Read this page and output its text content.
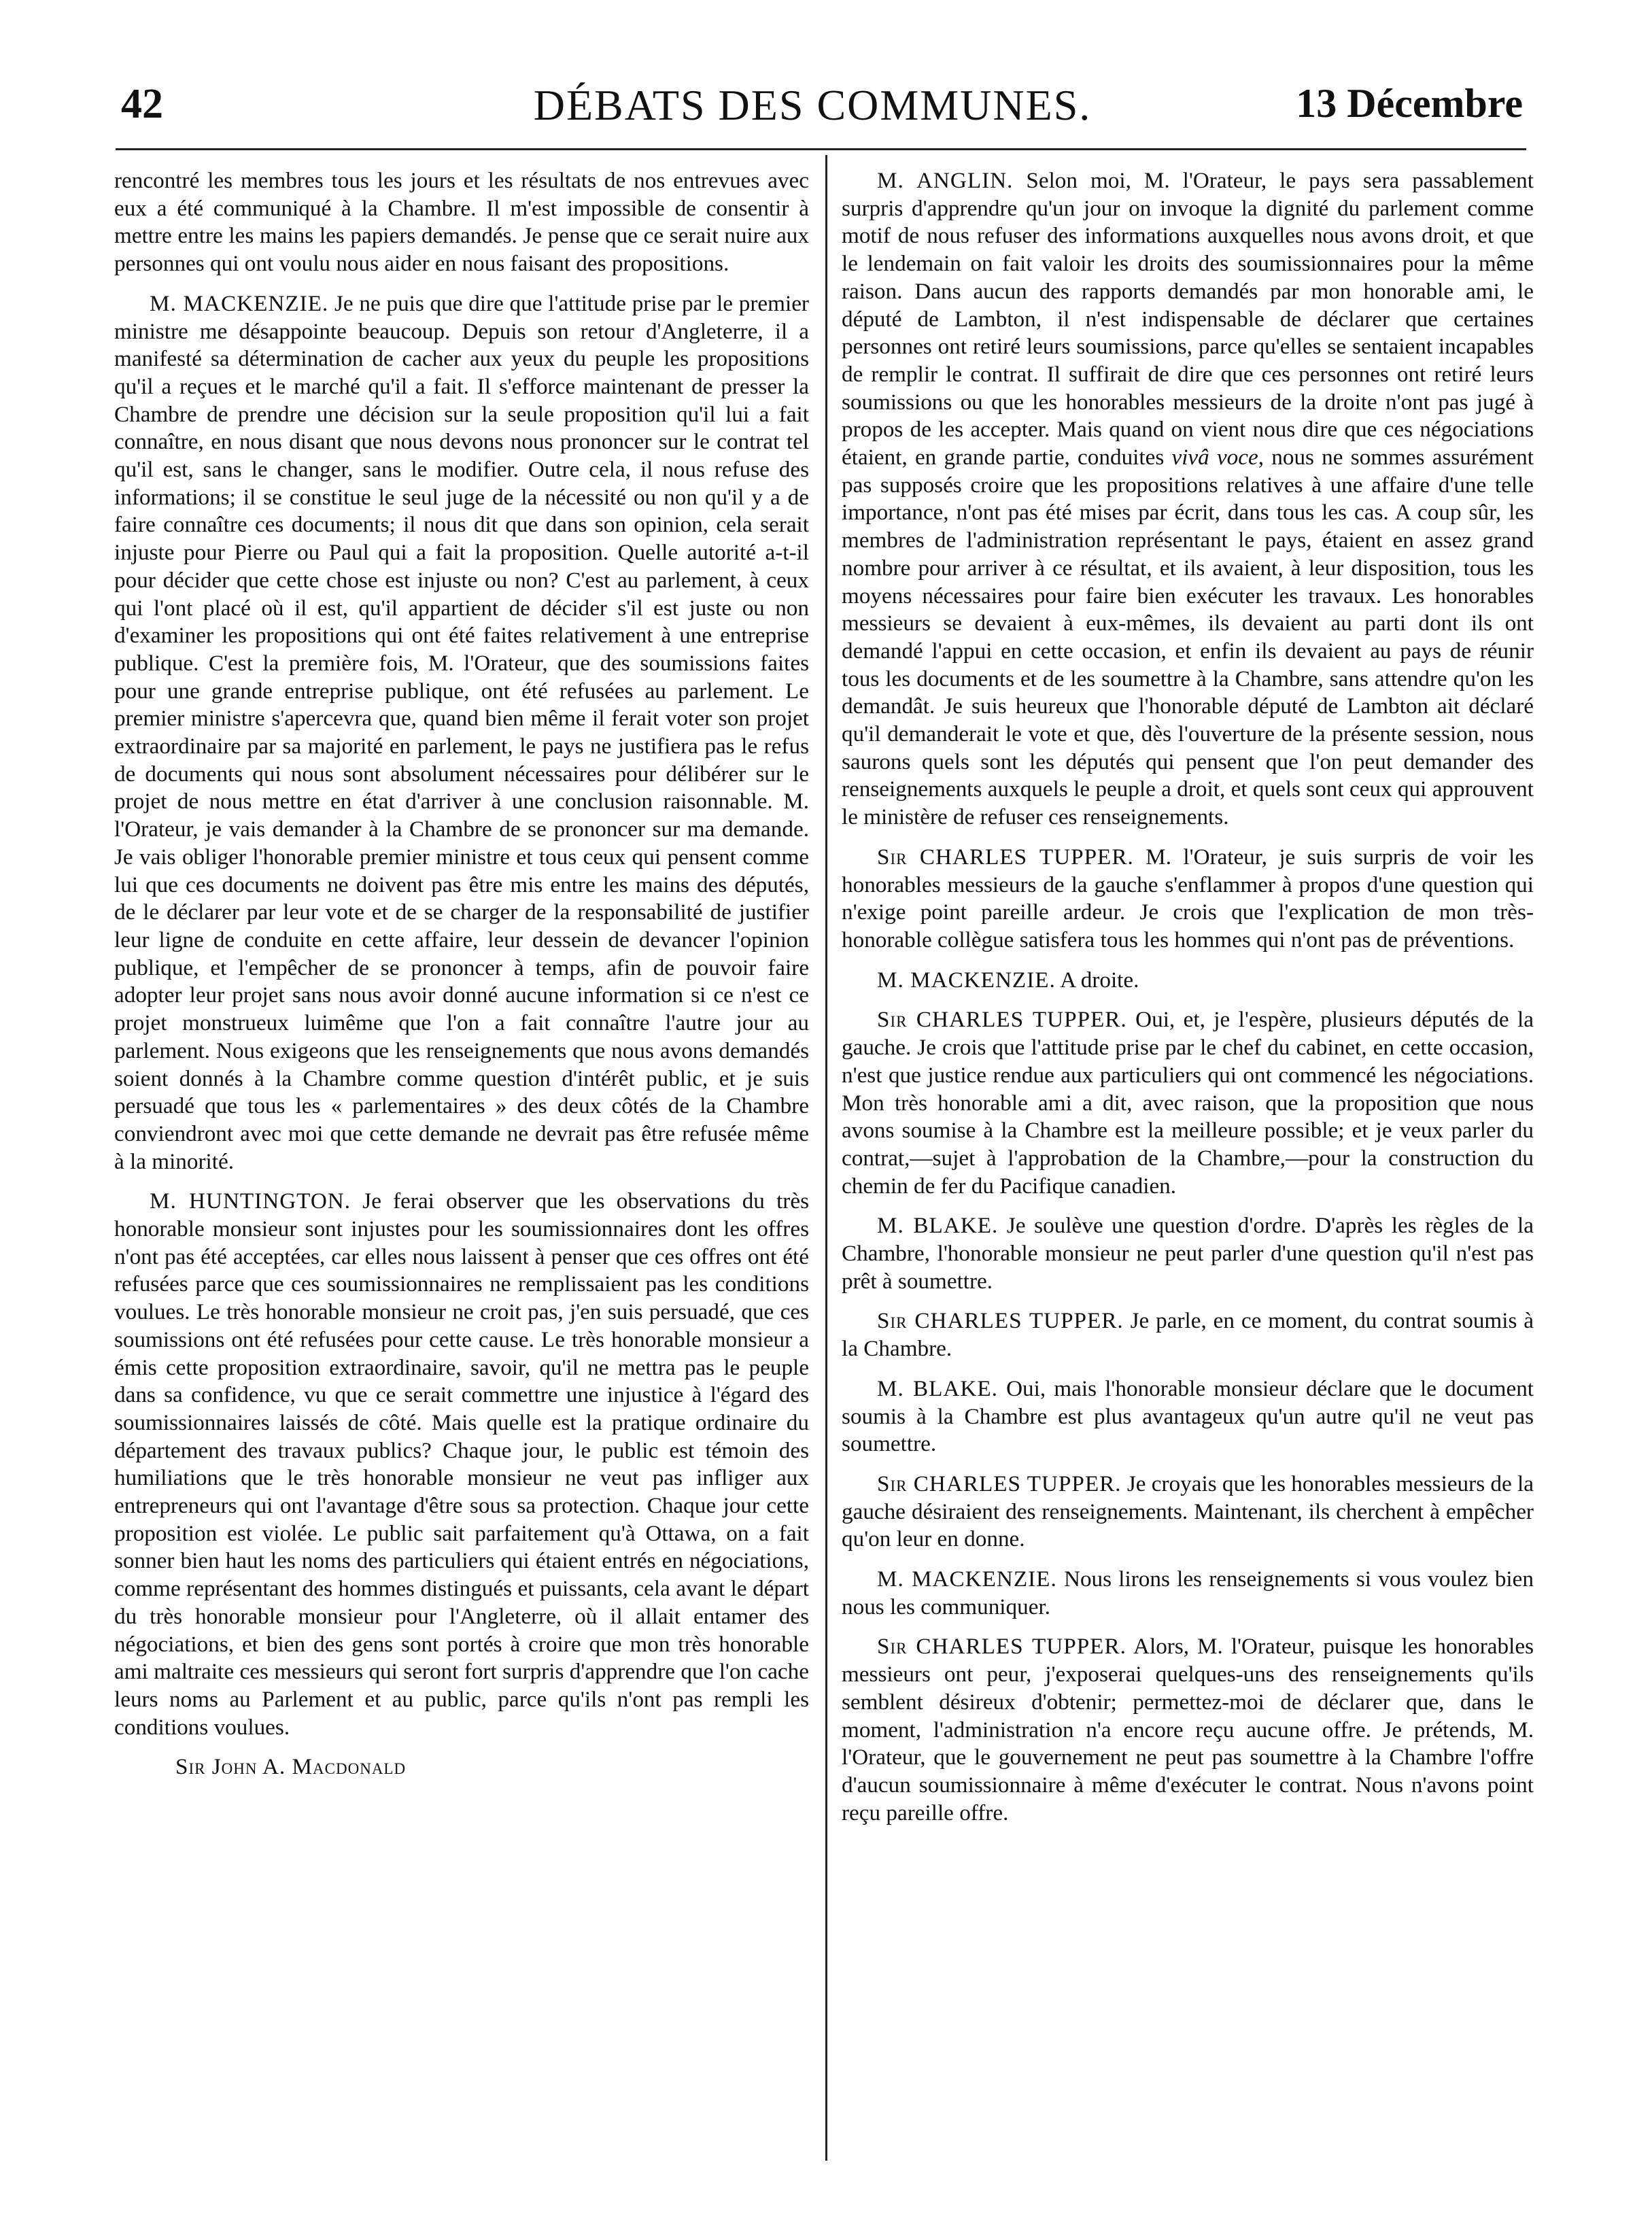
42	DÉBATS DES COMMUNES.	13 Décembre

rencontré les membres tous les jours et les résultats de nos entrevues avec eux a été communiqué à la Chambre. Il m'est impossible de consentir à mettre entre les mains les papiers demandés. Je pense que ce serait nuire aux personnes qui ont voulu nous aider en nous faisant des propositions.

M. MACKENZIE. Je ne puis que dire que l'attitude prise par le premier ministre me désappointe beaucoup. Depuis son retour d'Angleterre, il a manifesté sa détermination de cacher aux yeux du peuple les propositions qu'il a reçues et le marché qu'il a fait. Il s'efforce maintenant de presser la Chambre de prendre une décision sur la seule proposition qu'il lui a fait connaître, en nous disant que nous devons nous prononcer sur le contrat tel qu'il est, sans le changer, sans le modifier. Outre cela, il nous refuse des informations; il se constitue le seul juge de la nécessité ou non qu'il y a de faire connaître ces documents; il nous dit que dans son opinion, cela serait injuste pour Pierre ou Paul qui a fait la proposition. Quelle autorité a-t-il pour décider que cette chose est injuste ou non? C'est au parlement, à ceux qui l'ont placé où il est, qu'il appartient de décider s'il est juste ou non d'examiner les propositions qui ont été faites relativement à une entreprise publique. C'est la première fois, M. l'Orateur, que des soumissions faites pour une grande entreprise publique, ont été refusées au parlement. Le premier ministre s'apercevra que, quand bien même il ferait voter son projet extraordinaire par sa majorité en parlement, le pays ne justifiera pas le refus de documents qui nous sont absolument nécessaires pour délibérer sur le projet de nous mettre en état d'arriver à une conclusion raisonnable. M. l'Orateur, je vais demander à la Chambre de se prononcer sur ma demande. Je vais obliger l'honorable premier ministre et tous ceux qui pensent comme lui que ces documents ne doivent pas être mis entre les mains des députés, de le déclarer par leur vote et de se charger de la responsabilité de justifier leur ligne de conduite en cette affaire, leur dessein de devancer l'opinion publique, et l'empêcher de se prononcer à temps, afin de pouvoir faire adopter leur projet sans nous avoir donné aucune information si ce n'est ce projet monstrueux luimême que l'on a fait connaître l'autre jour au parlement. Nous exigeons que les renseignements que nous avons demandés soient donnés à la Chambre comme question d'intérêt public, et je suis persuadé que tous les « parlementaires » des deux côtés de la Chambre conviendront avec moi que cette demande ne devrait pas être refusée même à la minorité.

M. HUNTINGTON. Je ferai observer que les observations du très honorable monsieur sont injustes pour les soumissionnaires dont les offres n'ont pas été acceptées, car elles nous laissent à penser que ces offres ont été refusées parce que ces soumissionnaires ne remplissaient pas les conditions voulues. Le très honorable monsieur ne croit pas, j'en suis persuadé, que ces soumissions ont été refusées pour cette cause. Le très honorable monsieur a émis cette proposition extraordinaire, savoir, qu'il ne mettra pas le peuple dans sa confidence, vu que ce serait commettre une injustice à l'égard des soumissionnaires laissés de côté. Mais quelle est la pratique ordinaire du département des travaux publics? Chaque jour, le public est témoin des humiliations que le très honorable monsieur ne veut pas infliger aux entrepreneurs qui ont l'avantage d'être sous sa protection. Chaque jour cette proposition est violée. Le public sait parfaitement qu'à Ottawa, on a fait sonner bien haut les noms des particuliers qui étaient entrés en négociations, comme représentant des hommes distingués et puissants, cela avant le départ du très honorable monsieur pour l'Angleterre, où il allait entamer des négociations, et bien des gens sont portés à croire que mon très honorable ami maltraite ces messieurs qui seront fort surpris d'apprendre que l'on cache leurs noms au Parlement et au public, parce qu'ils n'ont pas rempli les conditions voulues.

Sir John A. Macdonald

M. ANGLIN. Selon moi, M. l'Orateur, le pays sera passablement surpris d'apprendre qu'un jour on invoque la dignité du parlement comme motif de nous refuser des informations auxquelles nous avons droit, et que le lendemain on fait valoir les droits des soumissionnaires pour la même raison. Dans aucun des rapports demandés par mon honorable ami, le député de Lambton, il n'est indispensable de déclarer que certaines personnes ont retiré leurs soumissions, parce qu'elles se sentaient incapables de remplir le contrat. Il suffirait de dire que ces personnes ont retiré leurs soumissions ou que les honorables messieurs de la droite n'ont pas jugé à propos de les accepter. Mais quand on vient nous dire que ces négociations étaient, en grande partie, conduites vivâ voce, nous ne sommes assurément pas supposés croire que les propositions relatives à une affaire d'une telle importance, n'ont pas été mises par écrit, dans tous les cas. A coup sûr, les membres de l'administration représentant le pays, étaient en assez grand nombre pour arriver à ce résultat, et ils avaient, à leur disposition, tous les moyens nécessaires pour faire bien exécuter les travaux. Les honorables messieurs se devaient à eux-mêmes, ils devaient au parti dont ils ont demandé l'appui en cette occasion, et enfin ils devaient au pays de réunir tous les documents et de les soumettre à la Chambre, sans attendre qu'on les demandât. Je suis heureux que l'honorable député de Lambton ait déclaré qu'il demanderait le vote et que, dès l'ouverture de la présente session, nous saurons quels sont les députés qui pensent que l'on peut demander des renseignements auxquels le peuple a droit, et quels sont ceux qui approuvent le ministère de refuser ces renseignements.

Sir CHARLES TUPPER. M. l'Orateur, je suis surpris de voir les honorables messieurs de la gauche s'enflammer à propos d'une question qui n'exige point pareille ardeur. Je crois que l'explication de mon très-honorable collègue satisfera tous les hommes qui n'ont pas de préventions.

M. MACKENZIE. A droite.

Sir CHARLES TUPPER. Oui, et, je l'espère, plusieurs députés de la gauche. Je crois que l'attitude prise par le chef du cabinet, en cette occasion, n'est que justice rendue aux particuliers qui ont commencé les négociations. Mon très honorable ami a dit, avec raison, que la proposition que nous avons soumise à la Chambre est la meilleure possible; et je veux parler du contrat,—sujet à l'approbation de la Chambre,—pour la construction du chemin de fer du Pacifique canadien.

M. BLAKE. Je soulève une question d'ordre. D'après les règles de la Chambre, l'honorable monsieur ne peut parler d'une question qu'il n'est pas prêt à soumettre.

Sir CHARLES TUPPER. Je parle, en ce moment, du contrat soumis à la Chambre.

M. BLAKE. Oui, mais l'honorable monsieur déclare que le document soumis à la Chambre est plus avantageux qu'un autre qu'il ne veut pas soumettre.

Sir CHARLES TUPPER. Je croyais que les honorables messieurs de la gauche désiraient des renseignements. Maintenant, ils cherchent à empêcher qu'on leur en donne.

M. MACKENZIE. Nous lirons les renseignements si vous voulez bien nous les communiquer.

Sir CHARLES TUPPER. Alors, M. l'Orateur, puisque les honorables messieurs ont peur, j'exposerai quelques-uns des renseignements qu'ils semblent désireux d'obtenir; permettez-moi de déclarer que, dans le moment, l'administration n'a encore reçu aucune offre. Je prétends, M. l'Orateur, que le gouvernement ne peut pas soumettre à la Chambre l'offre d'aucun soumissionnaire à même d'exécuter le contrat. Nous n'avons point reçu pareille offre.
